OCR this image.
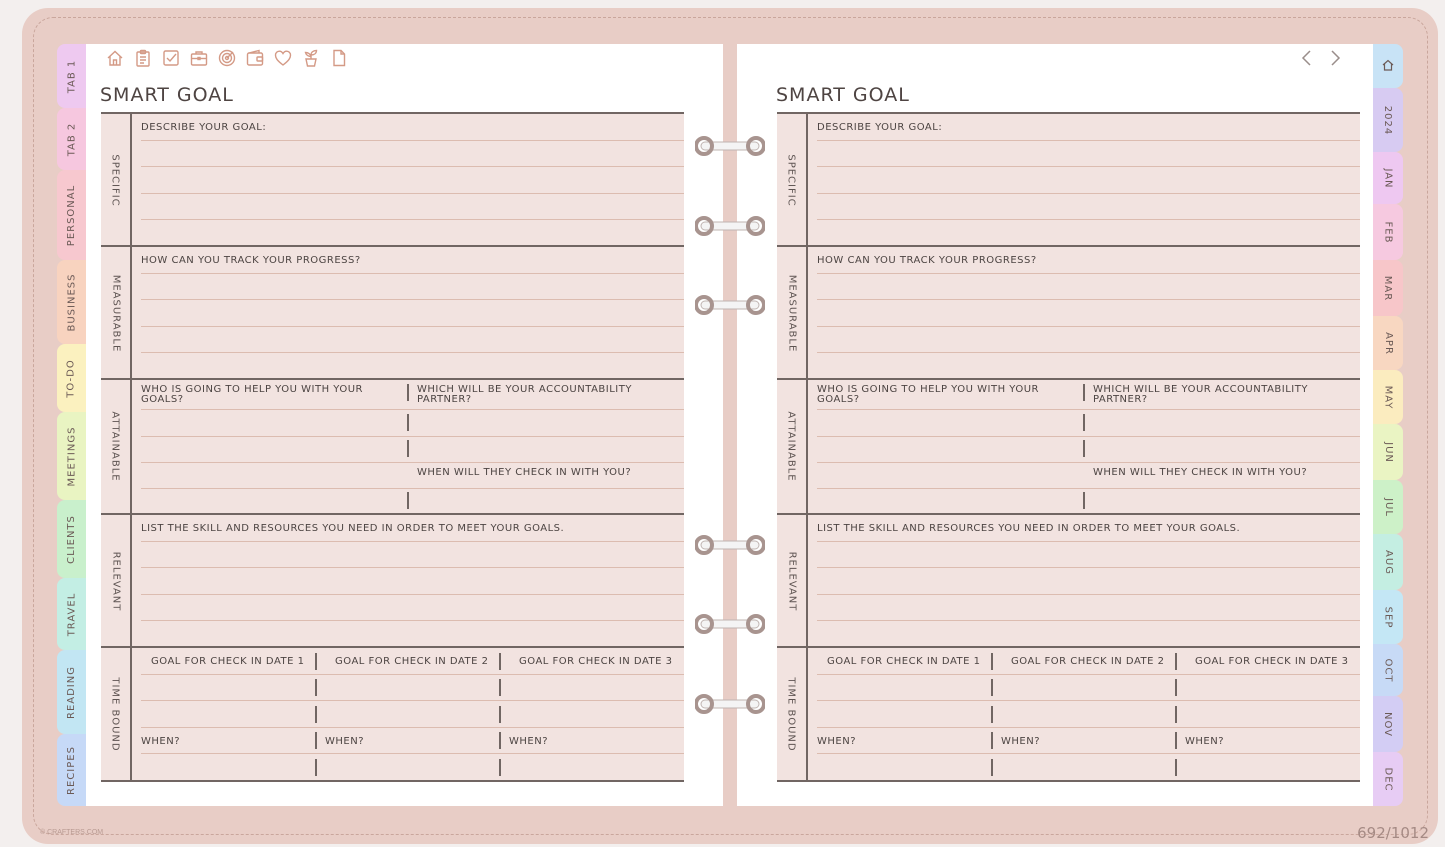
© CRAFTERS.COM	692/1012
TAB 1
TAB 2
PERSONAL
BUSINESS
TO-DO
MEETINGS
CLIENTS
TRAVEL
READING
RECIPES
2024
JAN
FEB
MAR
APR
MAY
JUN
JUL
AUG
SEP
OCT
NOV
DEC
SMART GOAL
SPECIFIC
DESCRIBE YOUR GOAL:
MEASURABLE
HOW CAN YOU TRACK YOUR PROGRESS?
ATTAINABLE
WHO IS GOING TO HELP YOU WITH YOUR GOALS?
WHICH WILL BE YOUR ACCOUNTABILITY PARTNER?
WHEN WILL THEY CHECK IN WITH YOU?
RELEVANT
LIST THE SKILL AND RESOURCES YOU NEED IN ORDER TO MEET YOUR GOALS.
TIME BOUND
GOAL FOR CHECK IN DATE 1	GOAL FOR CHECK IN DATE 2	GOAL FOR CHECK IN DATE 3
WHEN?	WHEN?	WHEN?
SMART GOAL
SPECIFIC
DESCRIBE YOUR GOAL:
MEASURABLE
HOW CAN YOU TRACK YOUR PROGRESS?
ATTAINABLE
WHO IS GOING TO HELP YOU WITH YOUR GOALS?
WHICH WILL BE YOUR ACCOUNTABILITY PARTNER?
WHEN WILL THEY CHECK IN WITH YOU?
RELEVANT
LIST THE SKILL AND RESOURCES YOU NEED IN ORDER TO MEET YOUR GOALS.
TIME BOUND
GOAL FOR CHECK IN DATE 1	GOAL FOR CHECK IN DATE 2	GOAL FOR CHECK IN DATE 3
WHEN?	WHEN?	WHEN?
